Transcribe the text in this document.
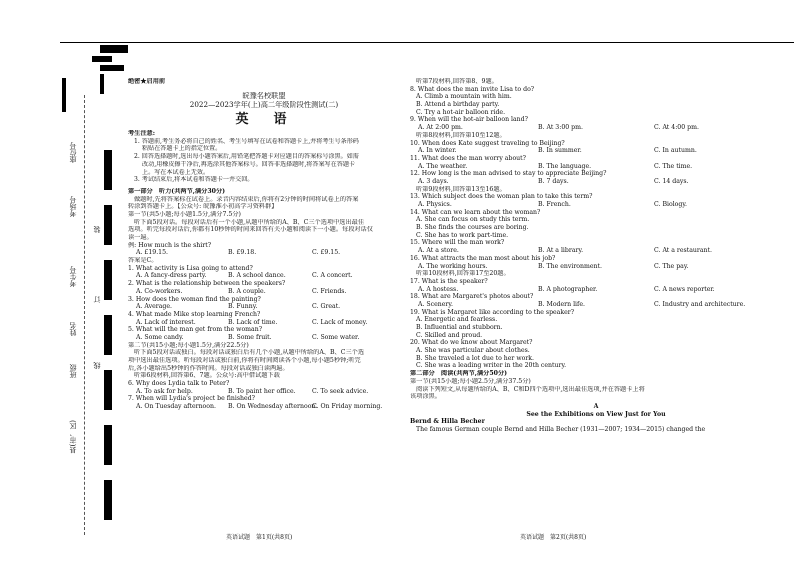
座位号
考场号
考生号
姓名
班级
县(市、区)
装
订
线
绝密★启用前
皖豫名校联盟
2022—2023学年(上)高二年级阶段性测试(二)
英　语
考生注意:
1. 答题前,考生务必将自己的姓名、考生号填写在试卷和答题卡上,并将考生号条形码
　 粘贴在答题卡上的指定位置。
2. 回答选择题时,选出每小题答案后,用铅笔把答题卡对应题目的答案标号涂黑。如需
　 改动,用橡皮擦干净后,再选涂其他答案标号。回答非选择题时,将答案写在答题卡
　 上。写在本试卷上无效。
3. 考试结束后,将本试卷和答题卡一并交回。
第一部分　听力(共两节,满分30分)
做题时,先将答案标在试卷上。录音内容结束后,你将有2分钟的时间将试卷上的答案
转涂到答题卡上。【公众号: 皖豫淮小初高学习资料群】
第一节(共5小题;每小题1.5分,满分7.5分)
听下面5段对话。每段对话后有一个小题,从题中所给的A、B、C三个选项中选出最佳
选项。听完每段对话后,你都有10秒钟的时间来回答有关小题和阅读下一小题。每段对话仅
读一遍。
例: How much is the shirt?
A. £19.15.	B. £9.18.	C. £9.15.
答案是C。
1. What activity is Lisa going to attend?
A. A fancy-dress party.	B. A school dance.	C. A concert.
2. What is the relationship between the speakers?
A. Co-workers.	B. A couple.	C. Friends.
3. How does the woman find the painting?
A. Average.	B. Funny.	C. Great.
4. What made Mike stop learning French?
A. Lack of interest.	B. Lack of time.	C. Lack of money.
5. What will the man get from the woman?
A. Some candy.	B. Some fruit.	C. Some water.
第二节(共15小题;每小题1.5分,满分22.5分)
听下面5段对话或独白。每段对话或独白后有几个小题,从题中所给的A、B、C三个选
项中选出最佳选项。听每段对话或独白前,你将有时间阅读各个小题,每小题5秒钟;听完
后,各小题给出5秒钟的作答时间。每段对话或独白读两遍。
听第6段材料,回答第6、7题。公众号:高中借试题下载
6. Why does Lydia talk to Peter?
A. To ask for help.	B. To paint her office.	C. To seek advice.
7. When will Lydia's project be finished?
A. On Tuesday afternoon.	B. On Wednesday afternoon.
C. On Friday morning.
英语试题　第1页(共8页)
听第7段材料,回答第8、9题。
8. What does the man invite Lisa to do?
A. Climb a mountain with him.
B. Attend a birthday party.
C. Try a hot-air balloon ride.
9. When will the hot-air balloon land?
A. At 2:00 pm.	B. At 3:00 pm.	C. At 4:00 pm.
听第8段材料,回答第10至12题。
10. When does Kate suggest traveling to Beijing?
A. In winter.	B. In summer.	C. In autumn.
11. What does the man worry about?
A. The weather.	B. The language.	C. The time.
12. How long is the man advised to stay to appreciate Beijing?
A. 3 days.	B. 7 days.	C. 14 days.
听第9段材料,回答第13至16题。
13. Which subject does the woman plan to take this term?
A. Physics.	B. French.	C. Biology.
14. What can we learn about the woman?
A. She can focus on study this term.
B. She finds the courses are boring.
C. She has to work part-time.
15. Where will the man work?
A. At a store.	B. At a library.	C. At a restaurant.
16. What attracts the man most about his job?
A. The working hours.	B. The environment.	C. The pay.
听第10段材料,回答第17至20题。
17. What is the speaker?
A. A hostess.	B. A photographer.	C. A news reporter.
18. What are Margaret's photos about?
A. Scenery.	B. Modern life.	C. Industry and architecture.
19. What is Margaret like according to the speaker?
A. Energetic and fearless.
B. Influential and stubborn.
C. Skilled and proud.
20. What do we know about Margaret?
A. She was particular about clothes.
B. She traveled a lot due to her work.
C. She was a leading writer in the 20th century.
第二部分　阅读(共两节,满分50分)
第一节(共15小题;每小题2.5分,满分37.5分)
阅读下列短文,从每题所给的A、B、C和D四个选项中,选出最佳选项,并在答题卡上将
该项涂黑。
A
See the Exhibitions on View Just for You
Bernd & Hilla Becher
The famous German couple Bernd and Hilla Becher (1931—2007; 1934—2015) changed the
英语试题　第2页(共8页)
